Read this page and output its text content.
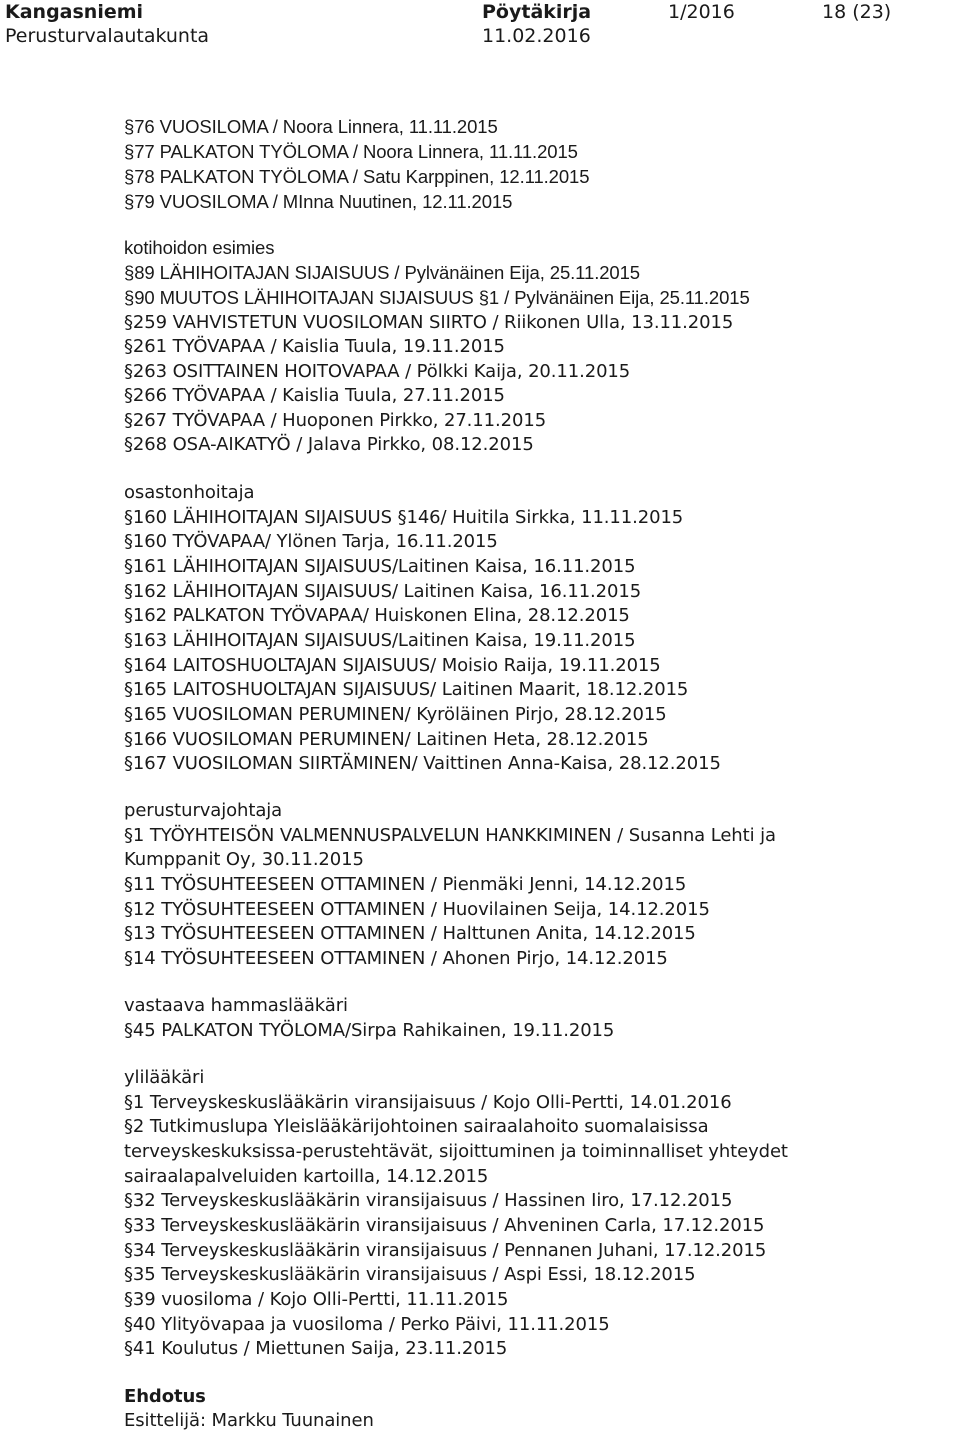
Kangasniemi	Pöytäkirja	1/2016	18 (23)
Perusturvalautakunta	11.02.2016
§76 VUOSILOMA / Noora Linnera, 11.11.2015
§77 PALKATON TYÖLOMA / Noora Linnera, 11.11.2015
§78 PALKATON TYÖLOMA / Satu Karppinen, 12.11.2015
§79 VUOSILOMA / MInna Nuutinen, 12.11.2015
kotihoidon esimies
§89 LÄHIHOITAJAN SIJAISUUS / Pylvänäinen Eija, 25.11.2015
§90 MUUTOS LÄHIHOITAJAN SIJAISUUS §1 / Pylvänäinen Eija, 25.11.2015
§259 VAHVISTETUN VUOSILOMAN SIIRTO / Riikonen Ulla, 13.11.2015
§261 TYÖVAPAA / Kaislia Tuula, 19.11.2015
§263 OSITTAINEN HOITOVAPAA / Pölkki Kaija, 20.11.2015
§266 TYÖVAPAA / Kaislia Tuula, 27.11.2015
§267 TYÖVAPAA / Huoponen Pirkko, 27.11.2015
§268 OSA-AIKATYÖ / Jalava Pirkko, 08.12.2015
osastonhoitaja
§160 LÄHIHOITAJAN SIJAISUUS §146/ Huitila Sirkka, 11.11.2015
§160 TYÖVAPAA/ Ylönen Tarja, 16.11.2015
§161 LÄHIHOITAJAN SIJAISUUS/Laitinen Kaisa, 16.11.2015
§162 LÄHIHOITAJAN SIJAISUUS/ Laitinen Kaisa, 16.11.2015
§162 PALKATON TYÖVAPAA/ Huiskonen Elina, 28.12.2015
§163 LÄHIHOITAJAN SIJAISUUS/Laitinen Kaisa, 19.11.2015
§164 LAITOSHUOLTAJAN SIJAISUUS/ Moisio Raija, 19.11.2015
§165 LAITOSHUOLTAJAN SIJAISUUS/ Laitinen Maarit, 18.12.2015
§165 VUOSILOMAN PERUMINEN/ Kyröläinen Pirjo, 28.12.2015
§166 VUOSILOMAN PERUMINEN/ Laitinen Heta, 28.12.2015
§167 VUOSILOMAN SIIRTÄMINEN/ Vaittinen Anna-Kaisa, 28.12.2015
perusturvajohtaja
§1 TYÖYHTEISÖN VALMENNUSPALVELUN HANKKIMINEN / Susanna Lehti ja
Kumppanit Oy, 30.11.2015
§11 TYÖSUHTEESEEN OTTAMINEN / Pienmäki Jenni, 14.12.2015
§12 TYÖSUHTEESEEN OTTAMINEN / Huovilainen Seija, 14.12.2015
§13 TYÖSUHTEESEEN OTTAMINEN / Halttunen Anita, 14.12.2015
§14 TYÖSUHTEESEEN OTTAMINEN / Ahonen Pirjo, 14.12.2015
vastaava hammaslääkäri
§45 PALKATON TYÖLOMA/Sirpa Rahikainen, 19.11.2015
ylilääkäri
§1 Terveyskeskuslääkärin viransijaisuus / Kojo Olli-Pertti, 14.01.2016
§2 Tutkimuslupa Yleislääkärijohtoinen sairaalahoito suomalaisissa
terveyskeskuksissa-perustehtävät, sijoittuminen ja toiminnalliset yhteydet
sairaalapalveluiden kartoilla, 14.12.2015
§32 Terveyskeskuslääkärin viransijaisuus / Hassinen Iiro, 17.12.2015
§33 Terveyskeskuslääkärin viransijaisuus / Ahveninen Carla, 17.12.2015
§34 Terveyskeskuslääkärin viransijaisuus / Pennanen Juhani, 17.12.2015
§35 Terveyskeskuslääkärin viransijaisuus / Aspi Essi, 18.12.2015
§39 vuosiloma / Kojo Olli-Pertti, 11.11.2015
§40 Ylityövapaa ja vuosiloma / Perko Päivi, 11.11.2015
§41 Koulutus / Miettunen Saija, 23.11.2015
Ehdotus
Esittelijä: Markku Tuunainen
